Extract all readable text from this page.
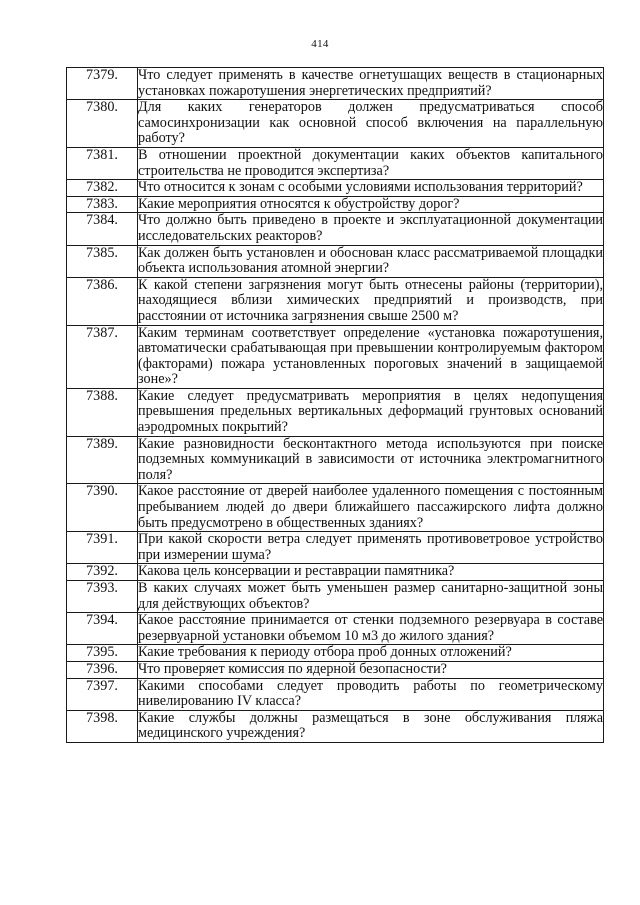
414
7379.	Что следует применять в качестве огнетушащих веществ в стационарных установках пожаротушения энергетических предприятий?
7380.	Для каких генераторов должен предусматриваться способ самосинхронизации как основной способ включения на параллельную работу?
7381.	В отношении проектной документации каких объектов капитального строительства не проводится экспертиза?
7382.	Что относится к зонам с особыми условиями использования территорий?
7383.	Какие мероприятия относятся к обустройству дорог?
7384.	Что должно быть приведено в проекте и эксплуатационной документации исследовательских реакторов?
7385.	Как должен быть установлен и обоснован класс рассматриваемой площадки объекта использования атомной энергии?
7386.	К какой степени загрязнения могут быть отнесены районы (территории), находящиеся вблизи химических предприятий и производств, при расстоянии от источника загрязнения свыше 2500 м?
7387.	Каким терминам соответствует определение «установка пожаротушения, автоматически срабатывающая при превышении контролируемым фактором (факторами) пожара установленных пороговых значений в защищаемой зоне»?
7388.	Какие следует предусматривать мероприятия в целях недопущения превышения предельных вертикальных деформаций грунтовых оснований аэродромных покрытий?
7389.	Какие разновидности бесконтактного метода используются при поиске подземных коммуникаций в зависимости от источника электромагнитного поля?
7390.	Какое расстояние от дверей наиболее удаленного помещения с постоянным пребыванием людей до двери ближайшего пассажирского лифта должно быть предусмотрено в общественных зданиях?
7391.	При какой скорости ветра следует применять противоветровое устройство при измерении шума?
7392.	Какова цель консервации и реставрации памятника?
7393.	В каких случаях может быть уменьшен размер санитарно-защитной зоны для действующих объектов?
7394.	Какое расстояние принимается от стенки подземного резервуара в составе резервуарной установки объемом 10 м3 до жилого здания?
7395.	Какие требования к периоду отбора проб донных отложений?
7396.	Что проверяет комиссия по ядерной безопасности?
7397.	Какими способами следует проводить работы по геометрическому нивелированию IV класса?
7398.	Какие службы должны размещаться в зоне обслуживания пляжа медицинского учреждения?
